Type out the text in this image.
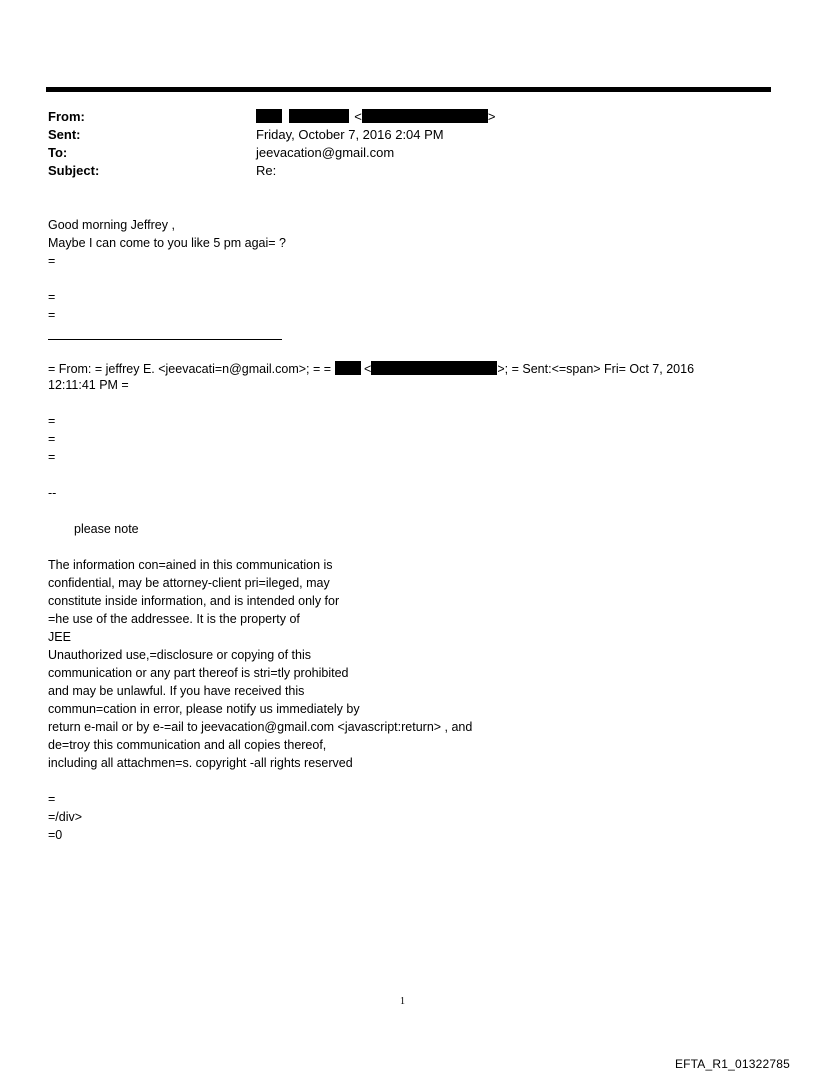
From:	<	>
Sent:	Friday, October 7, 2016 2:04 PM
To:	jeevacation@gmail.com
Subject:	Re:
Good morning Jeffrey ,
Maybe I can come to you like 5 pm agai= ?
=
=
=
= From: = jeffrey E. <jeevacati=n@gmail.com>; = =	<	>; = Sent:<=span> Fri= Oct 7, 2016
12:11:41 PM =
=
=
=
--
please note
The information con=ained in this communication is
confidential, may be attorney-client pri=ileged, may
constitute inside information, and is intended only for
=he use of the addressee. It is the property of
JEE
Unauthorized use,=disclosure or copying of this
communication or any part thereof is stri=tly prohibited
and may be unlawful. If you have received this
commun=cation in error, please notify us immediately by
return e-mail or by e-=ail to jeevacation@gmail.com <javascript:return> , and
de=troy this communication and all copies thereof,
including all attachmen=s. copyright -all rights reserved
=
=/div>
=0
1
EFTA_R1_01322785
